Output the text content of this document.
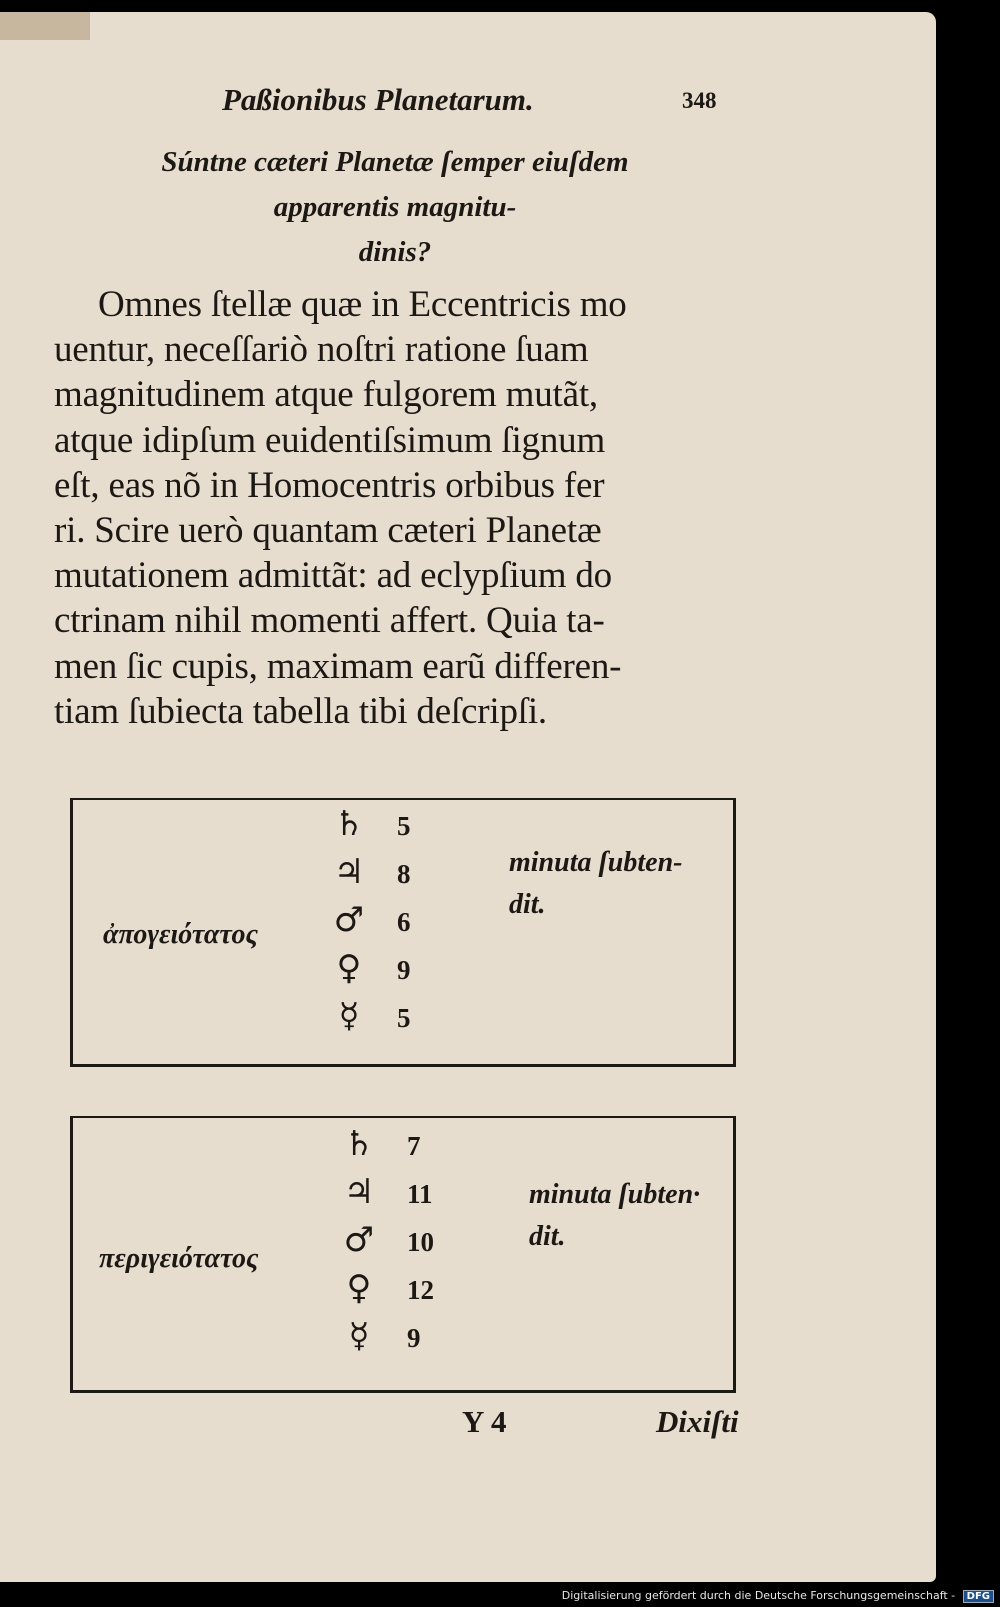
Paßionibus Planetarum.	348
Súntne cæteri Planetæ ſemper eiuſdem
apparentis magnitu-
dinis?
Omnes ſtellæ quæ in Eccentricis mo
uentur, neceſſariò noſtri ratione ſuam
magnitudinem atque fulgorem mutãt,
atque idipſum euidentiſsimum ſignum
eſt, eas nõ in Homocentris orbibus fer
ri. Scire uerò quantam cæteri Planetæ
mutationem admittãt: ad eclypſium do
ctrinam nihil momenti affert. Quia ta-
men ſic cupis, maximam earũ differen-
tiam ſubiecta tabella tibi deſcripſi.
ἀπογειότατος
♄ 5
♃ 8
♂ 6
♀	9
☿	5
minuta ſubten-
dit.
περιγειότατος
♄ 7
♃ 11
♂ 10
♀	12
☿	9
minuta ſubten·
dit.
Y 4	Dixiſti
Digitalisierung gefördert durch die Deutsche Forschungsgemeinschaft - DFG
